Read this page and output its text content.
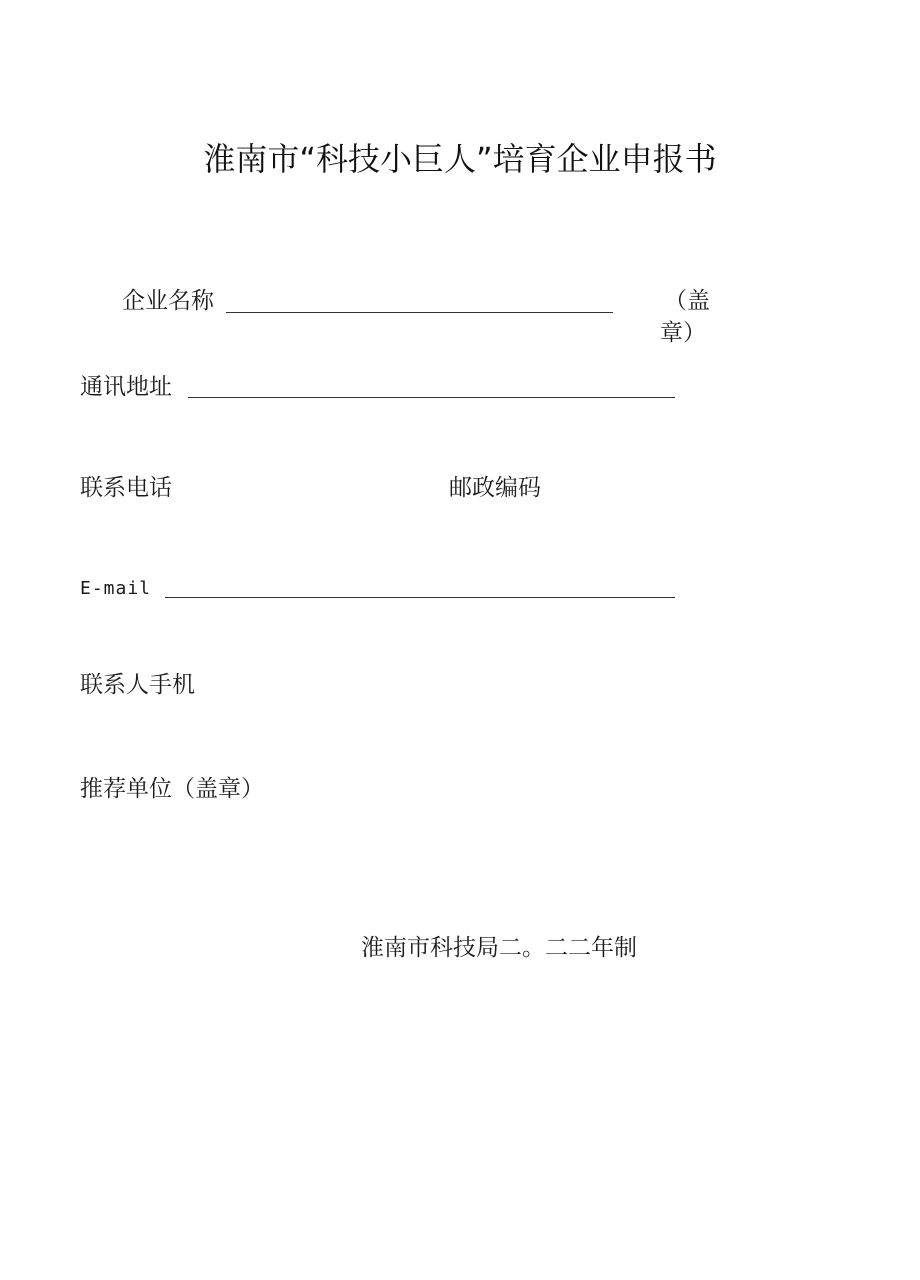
淮南市“科技小巨人”培育企业申报书
企业名称	（盖
章）
通讯地址
联系电话	邮政编码
E-mail
联系人手机
推荐单位（盖章）
淮南市科技局二。二二年制
